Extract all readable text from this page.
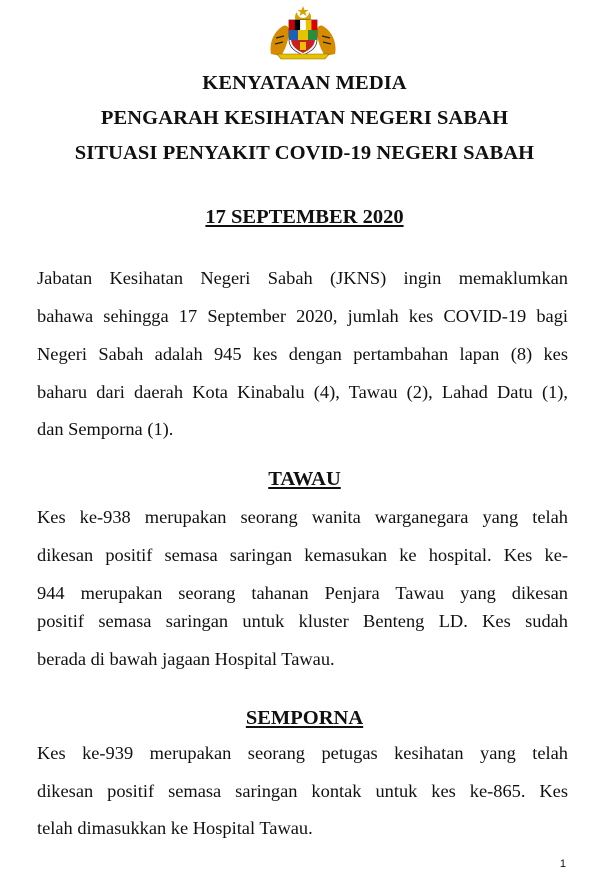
KENYATAAN MEDIA
PENGARAH KESIHATAN NEGERI SABAH
SITUASI PENYAKIT COVID-19 NEGERI SABAH
17 SEPTEMBER 2020
Jabatan Kesihatan Negeri Sabah (JKNS) ingin memaklumkan
bahawa sehingga 17 September 2020, jumlah kes COVID-19 bagi
Negeri Sabah adalah 945 kes dengan pertambahan lapan (8) kes
baharu dari daerah Kota Kinabalu (4), Tawau (2), Lahad Datu (1),
dan Semporna (1).
TAWAU
Kes ke-938 merupakan seorang wanita warganegara yang telah
dikesan positif semasa saringan kemasukan ke hospital. Kes ke-
944 merupakan seorang tahanan Penjara Tawau yang dikesan
positif semasa saringan untuk kluster Benteng LD. Kes sudah
berada di bawah jagaan Hospital Tawau.
SEMPORNA
Kes ke-939 merupakan seorang petugas kesihatan yang telah
dikesan positif semasa saringan kontak untuk kes ke-865. Kes
telah dimasukkan ke Hospital Tawau.
1
